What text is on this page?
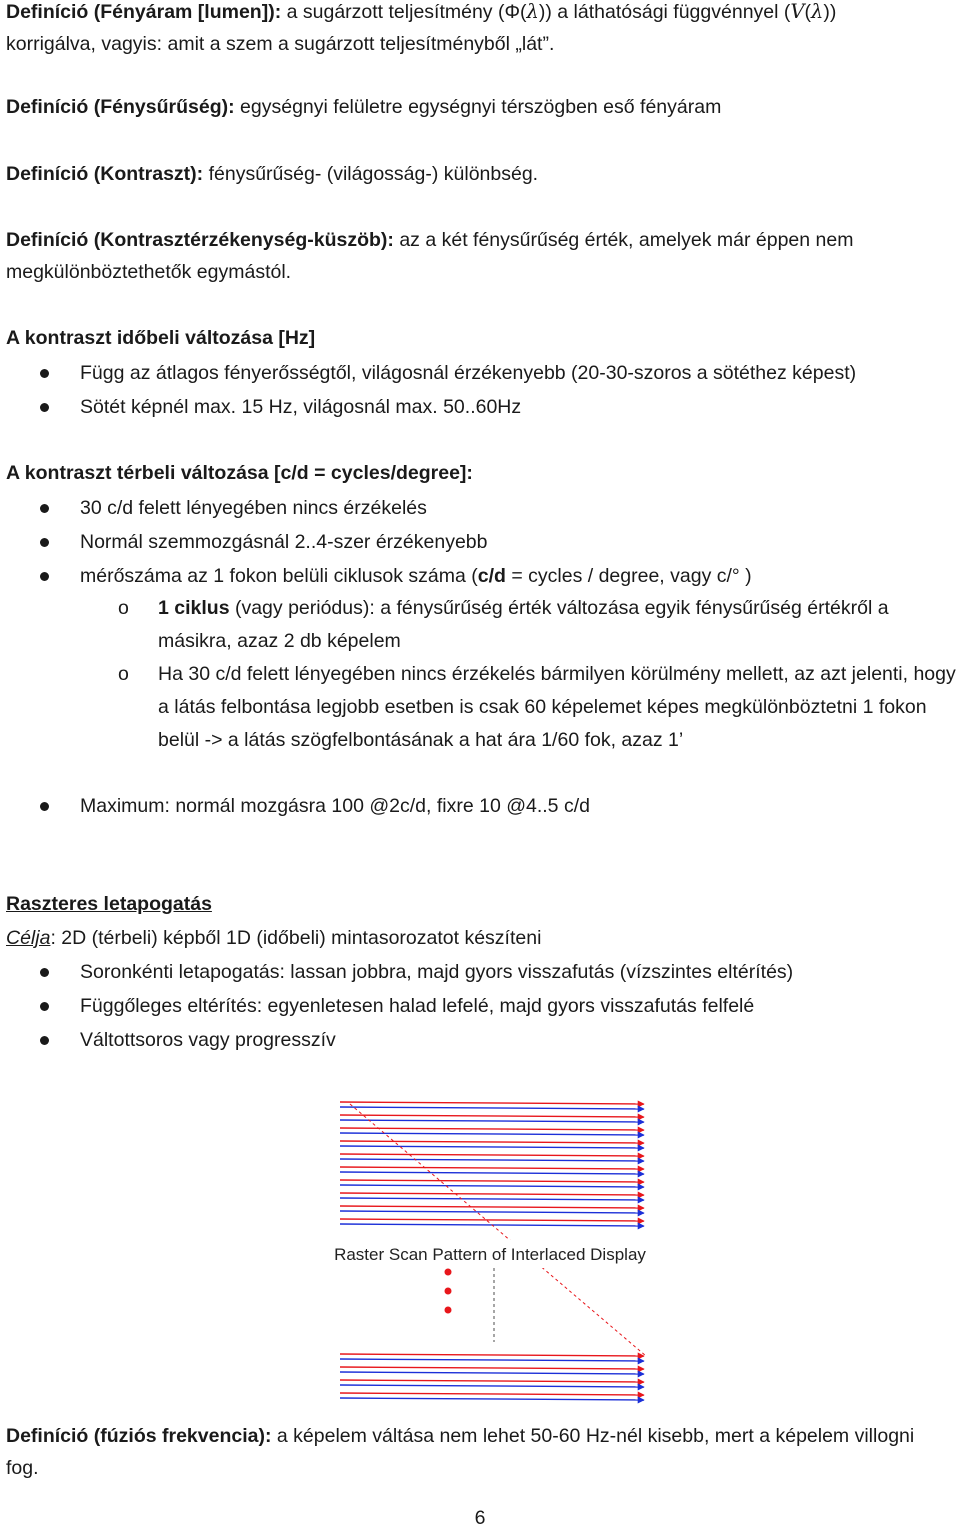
Definíció (Fényáram [lumen]): a sugárzott teljesítmény (Φ(λ)) a láthatósági függvénnyel (V(λ))

korrigálva, vagyis: amit a szem a sugárzott teljesítményből „lát”.

Definíció (Fénysűrűség): egységnyi felületre egységnyi térszögben eső fényáram

Definíció (Kontraszt): fénysűrűség- (világosság-) különbség.

Definíció (Kontrasztérzékenység-küszöb): az a két fénysűrűség érték, amelyek már éppen nem

megkülönböztethetők egymástól.

A kontraszt időbeli változása [Hz]

Függ az átlagos fényerősségtől, világosnál érzékenyebb (20-30-szoros a sötéthez képest)

Sötét képnél max. 15 Hz, világosnál max. 50..60Hz

A kontraszt térbeli változása [c/d = cycles/degree]:

30 c/d felett lényegében nincs érzékelés

Normál szemmozgásnál 2..4-szer érzékenyebb

mérőszáma az 1 fokon belüli ciklusok száma (c/d = cycles / degree, vagy c/° )

o 1 ciklus (vagy periódus): a fénysűrűség érték változása egyik fénysűrűség értékről a másikra, azaz 2 db képelem

o Ha 30 c/d felett lényegében nincs érzékelés bármilyen körülmény mellett, az azt jelenti, hogy a látás felbontása legjobb esetben is csak 60 képelemet képes megkülönböztetni 1 fokon belül -> a látás szögfelbontásának a hat ára 1/60 fok, azaz 1’

Maximum: normál mozgásra 100 @2c/d, fixre 10 @4..5 c/d

Raszteres letapogatás

Célja: 2D (térbeli) képből 1D (időbeli) mintasorozatot készíteni

Soronkénti letapogatás: lassan jobbra, majd gyors visszafutás (vízszintes eltérítés)

Függőleges eltérítés: egyenletesen halad lefelé, majd gyors visszafutás felfelé

Váltottsoros vagy progresszív

Raster Scan Pattern of Interlaced Display

Definíció (fúziós frekvencia): a képelem váltása nem lehet 50-60 Hz-nél kisebb, mert a képelem villogni fog.

6
